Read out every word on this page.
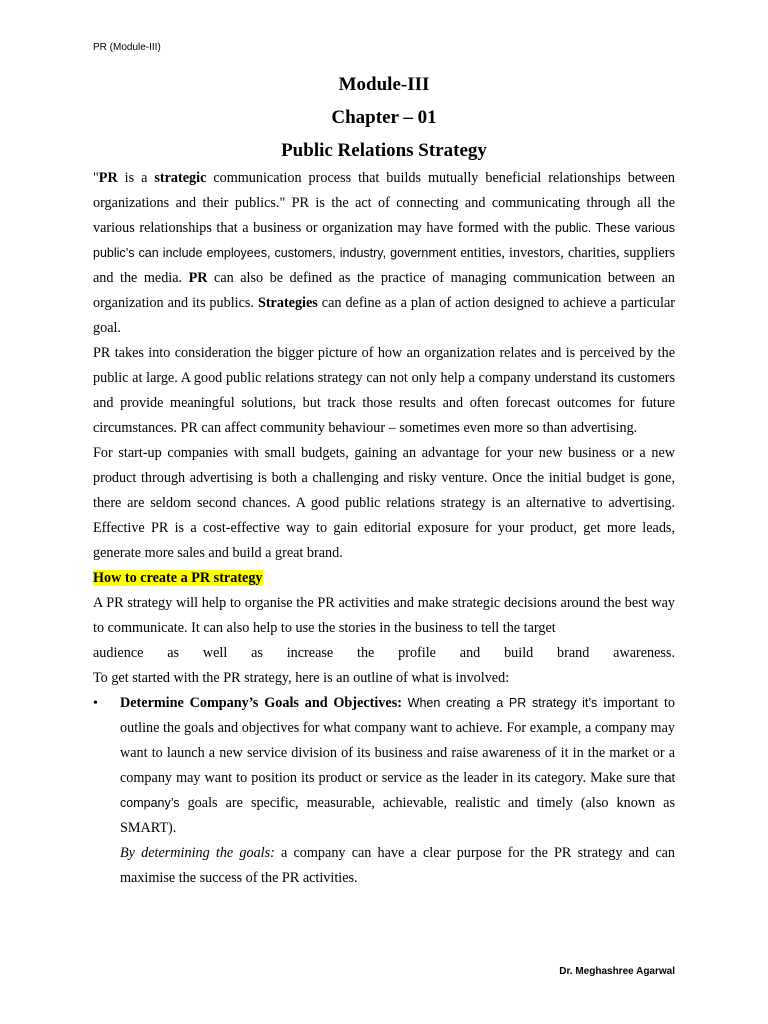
PR (Module-III)
Module-III
Chapter – 01
Public Relations Strategy

"PR is a strategic communication process that builds mutually beneficial relationships between organizations and their publics." PR is the act of connecting and communicating through all the various relationships that a business or organization may have formed with the public. These various public’s can include employees, customers, industry, government entities, investors, charities, suppliers and the media. PR can also be defined as the practice of managing communication between an organization and its publics. Strategies can define as a plan of action designed to achieve a particular goal.

PR takes into consideration the bigger picture of how an organization relates and is perceived by the public at large. A good public relations strategy can not only help a company understand its customers and provide meaningful solutions, but track those results and often forecast outcomes for future circumstances. PR can affect community behaviour – sometimes even more so than advertising.

For start-up companies with small budgets, gaining an advantage for your new business or a new product through advertising is both a challenging and risky venture. Once the initial budget is gone, there are seldom second chances. A good public relations strategy is an alternative to advertising. Effective PR is a cost-effective way to gain editorial exposure for your product, get more leads, generate more sales and build a great brand.

How to create a PR strategy

A PR strategy will help to organise the PR activities and make strategic decisions around the best way to communicate. It can also help to use the stories in the business to tell the target

audience as well as increase the profile and build brand awareness.

To get started with the PR strategy, here is an outline of what is involved:

•	Determine Company’s Goals and Objectives: When creating a PR strategy it’s important to outline the goals and objectives for what company want to achieve. For example, a company may want to launch a new service division of its business and raise awareness of it in the market or a company may want to position its product or service as the leader in its category. Make sure that company’s goals are specific, measurable, achievable, realistic and timely (also known as SMART).

By determining the goals: a company can have a clear purpose for the PR strategy and can maximise the success of the PR activities.

Dr. Meghashree Agarwal
